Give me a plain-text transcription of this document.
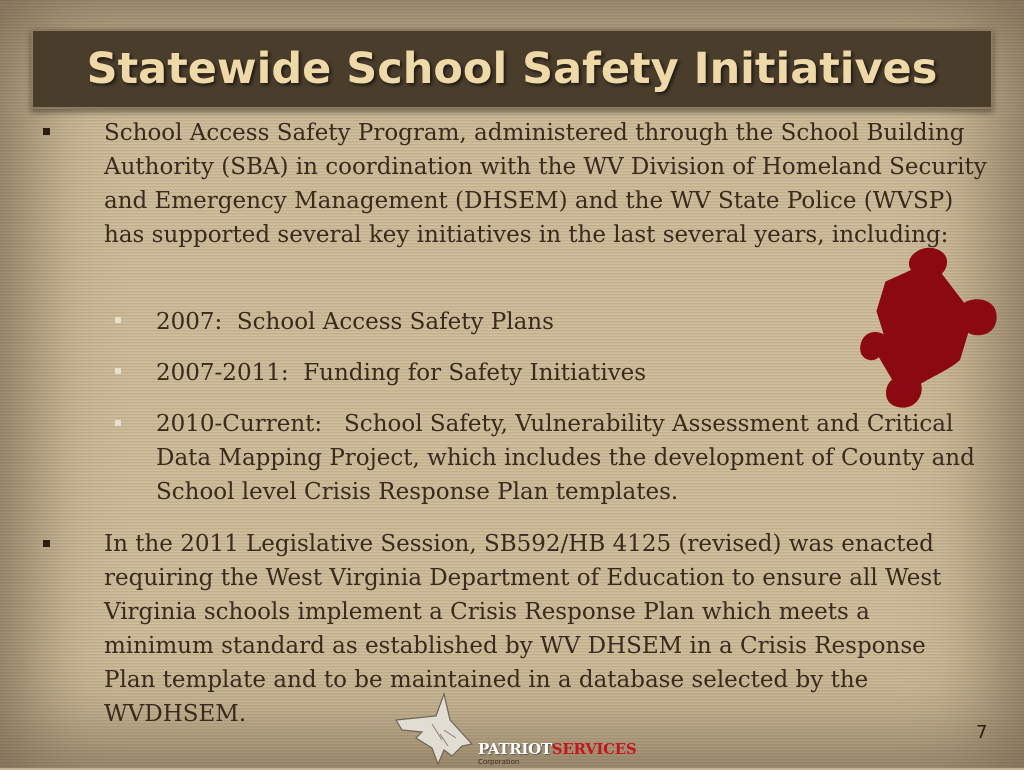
Statewide School Safety Initiatives
School Access Safety Program, administered through the School Building Authority (SBA) in coordination with the WV Division of Homeland Security and Emergency Management (DHSEM) and the WV State Police (WVSP) has supported several key initiatives in the last several years, including:
2007:  School Access Safety Plans
2007-2011:  Funding for Safety Initiatives
2010-Current:   School Safety, Vulnerability Assessment and Critical Data Mapping Project, which includes the development of County and School level Crisis Response Plan templates.
In the 2011 Legislative Session, SB592/HB 4125 (revised) was enacted requiring the West Virginia Department of Education to ensure all West Virginia schools implement a Crisis Response Plan which meets a minimum standard as established by WV DHSEM in a Crisis Response Plan template and to be maintained in a database selected by the WVDHSEM.
PATRIOTSERVICES
Corporation
7
